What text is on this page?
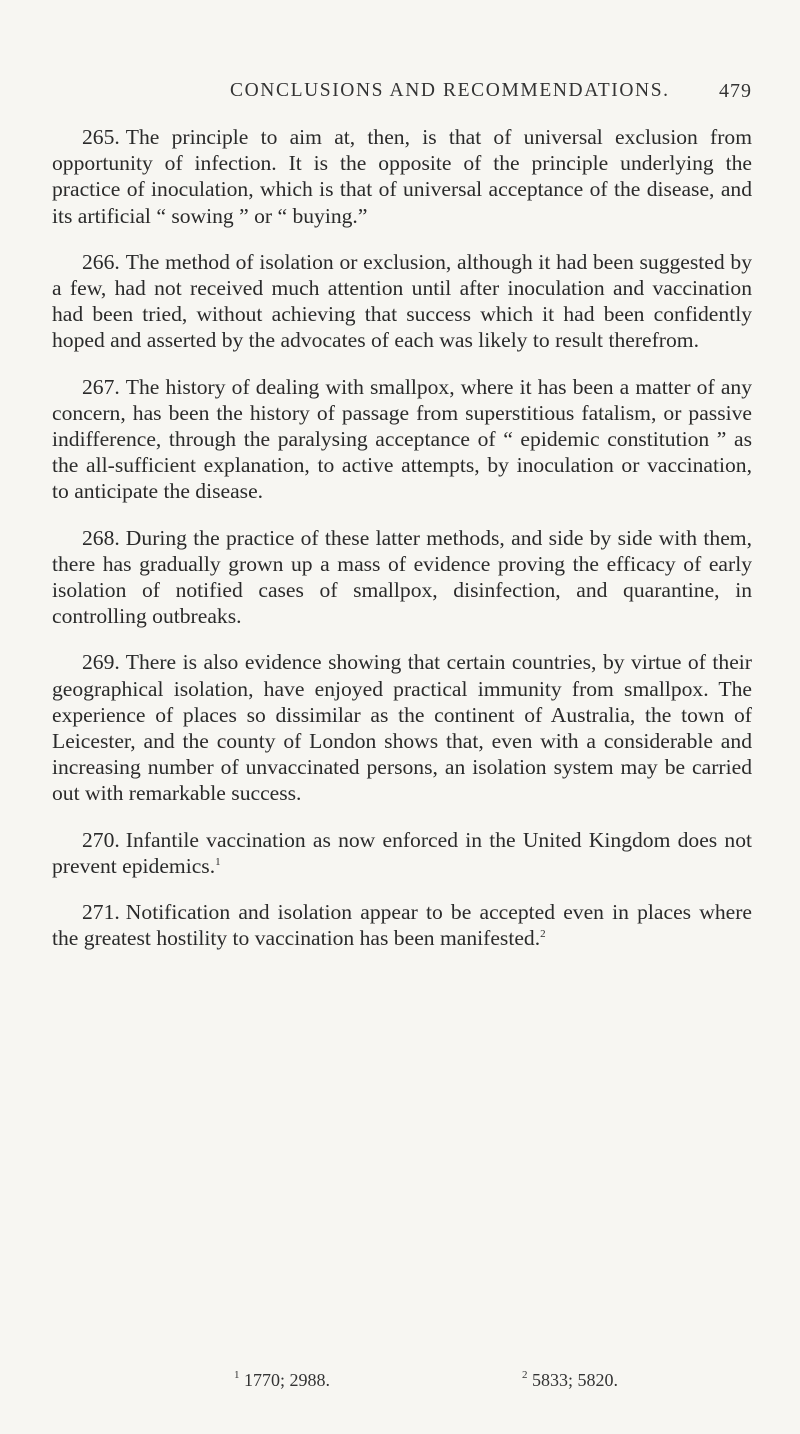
CONCLUSIONS AND RECOMMENDATIONS. 479

265. The principle to aim at, then, is that of universal exclusion from opportunity of infection. It is the opposite of the principle underlying the practice of inoculation, which is that of universal acceptance of the disease, and its artificial “ sowing ” or “ buying.”

266. The method of isolation or exclusion, although it had been suggested by a few, had not received much attention until after inoculation and vaccination had been tried, without achieving that success which it had been confidently hoped and asserted by the advocates of each was likely to result therefrom.

267. The history of dealing with smallpox, where it has been a matter of any concern, has been the history of passage from superstitious fatalism, or passive indifference, through the paralysing acceptance of “ epidemic constitution ” as the all-sufficient explanation, to active attempts, by inoculation or vaccination, to anticipate the disease.

268. During the practice of these latter methods, and side by side with them, there has gradually grown up a mass of evidence proving the efficacy of early isolation of notified cases of smallpox, disinfection, and quarantine, in controlling outbreaks.

269. There is also evidence showing that certain countries, by virtue of their geographical isolation, have enjoyed practical immunity from smallpox. The experience of places so dissimilar as the continent of Australia, the town of Leicester, and the county of London shows that, even with a considerable and increasing number of unvaccinated persons, an isolation system may be carried out with remarkable success.

270. Infantile vaccination as now enforced in the United Kingdom does not prevent epidemics.$^1$

271. Notification and isolation appear to be accepted even in places where the greatest hostility to vaccination has been manifested.$^2$

$^1$ 1770; 2988.	$^2$ 5833; 5820.
